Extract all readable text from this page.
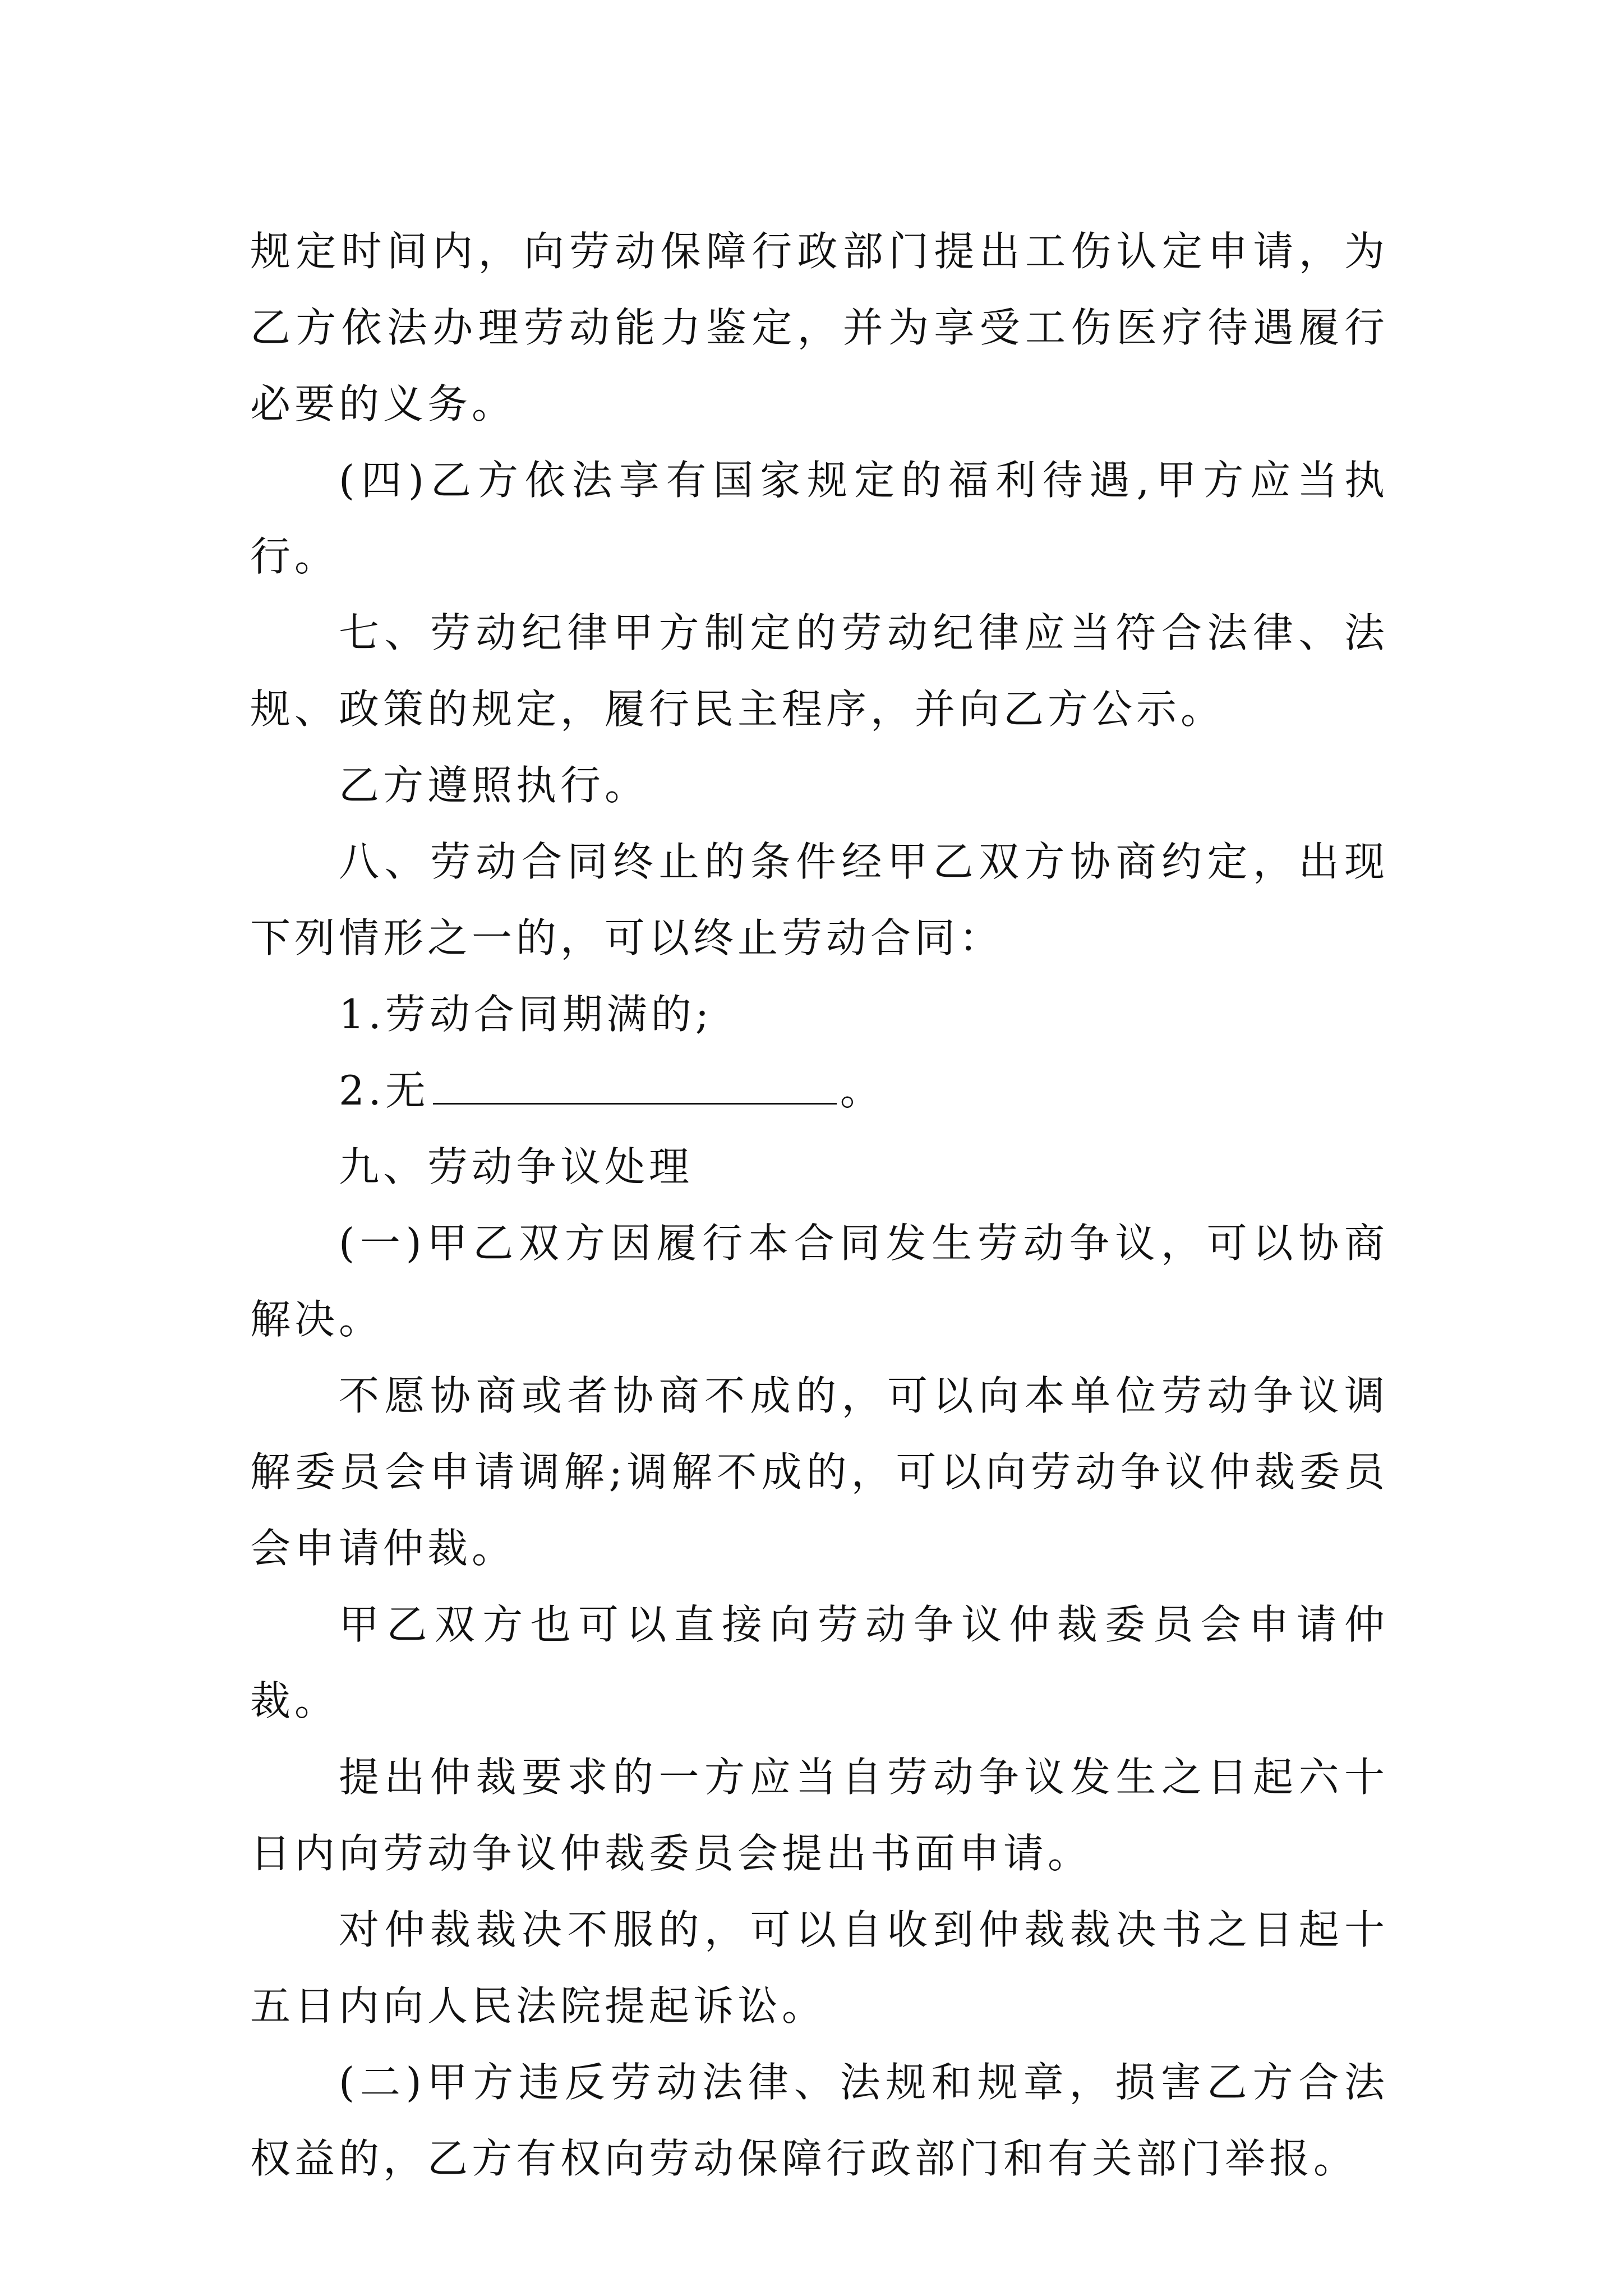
规定时间内，向劳动保障行政部门提出工伤认定申请，为乙方依法办理劳动能力鉴定，并为享受工伤医疗待遇履行必要的义务。

(四)乙方依法享有国家规定的福利待遇,甲方应当执行。

七、劳动纪律甲方制定的劳动纪律应当符合法律、法规、政策的规定，履行民主程序，并向乙方公示。

乙方遵照执行。

八、劳动合同终止的条件经甲乙双方协商约定，出现下列情形之一的，可以终止劳动合同：

1.劳动合同期满的;

2.无	。

九、劳动争议处理

(一)甲乙双方因履行本合同发生劳动争议，可以协商解决。

不愿协商或者协商不成的，可以向本单位劳动争议调解委员会申请调解;调解不成的，可以向劳动争议仲裁委员会申请仲裁。

甲乙双方也可以直接向劳动争议仲裁委员会申请仲裁。

提出仲裁要求的一方应当自劳动争议发生之日起六十日内向劳动争议仲裁委员会提出书面申请。

对仲裁裁决不服的，可以自收到仲裁裁决书之日起十五日内向人民法院提起诉讼。

(二)甲方违反劳动法律、法规和规章，损害乙方合法权益的，乙方有权向劳动保障行政部门和有关部门举报。
